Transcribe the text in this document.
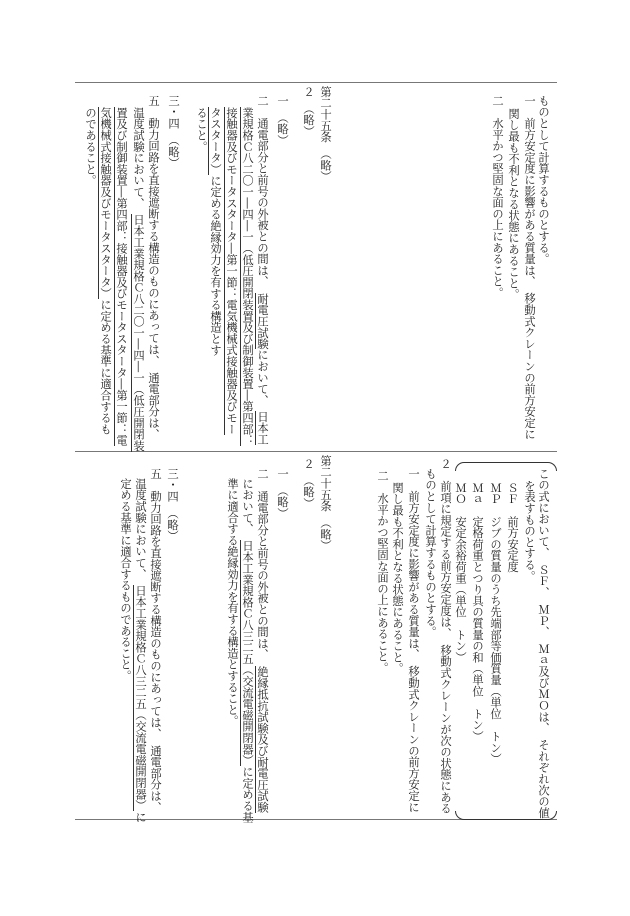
ものとして計算するものとする。
一　前方安定度に影響がある質量は、　移動式クレーンの前方安定に
関し最も不利となる状態にあること。
二　水平かつ堅固な面の上にあること。
第二十五条　（略）
２　（略）
一　（略）
二　通電部分と前号の外被との間は、　耐電圧試験において、　日本工
業規格Ｃ八二〇一―四―一（低圧開閉装置及び制御装置―第四部：
接触器及びモータスタータ―第一節：電気機械式接触器及びモー
タスタータ）に定める絶縁効力を有する構造とす
ること。
三・四　（略）
五　動力回路を直接遮断する構造のものにあっては、　通電部分は、
温度試験において、　日本工業規格Ｃ八二〇一―四―一（低圧開閉装
置及び制御装置―第四部：接触器及びモータスタータ―第一節：電
気機械式接触器及びモータスタータ）に定める基準に適合するも
のであること。
この式において、　ＳＦ、　ＭＰ、　Ｍａ及びＭＯは、　それぞれ次の値
を表すものとする。
ＳＦ　前方安定度
ＭＰ　ジブの質量のうち先端部等価質量（単位　トン）
Ｍａ　定格荷重とつり具の質量の和（単位　トン）
ＭＯ　安定余裕荷重（単位　トン）
２　前項に規定する前方安定度は、　移動式クレーンが次の状態にある
ものとして計算するものとする。
一　前方安定度に影響がある質量は、　移動式クレーンの前方安定に
関し最も不利となる状態にあること。
二　水平かつ堅固な面の上にあること。
第二十五条　（略）
２　（略）
一　（略）
二　通電部分と前号の外被との間は、　絶縁抵抗試験及び耐電圧試験
において、　日本工業規格Ｃ八三二五（交流電磁開閉器）に定める基
準に適合する絶縁効力を有する構造とすること。
三・四　（略）
五　動力回路を直接遮断する構造のものにあっては、　通電部分は、
温度試験において、　日本工業規格Ｃ八三二五（交流電磁開閉器）に
定める基準に適合するものであること。
